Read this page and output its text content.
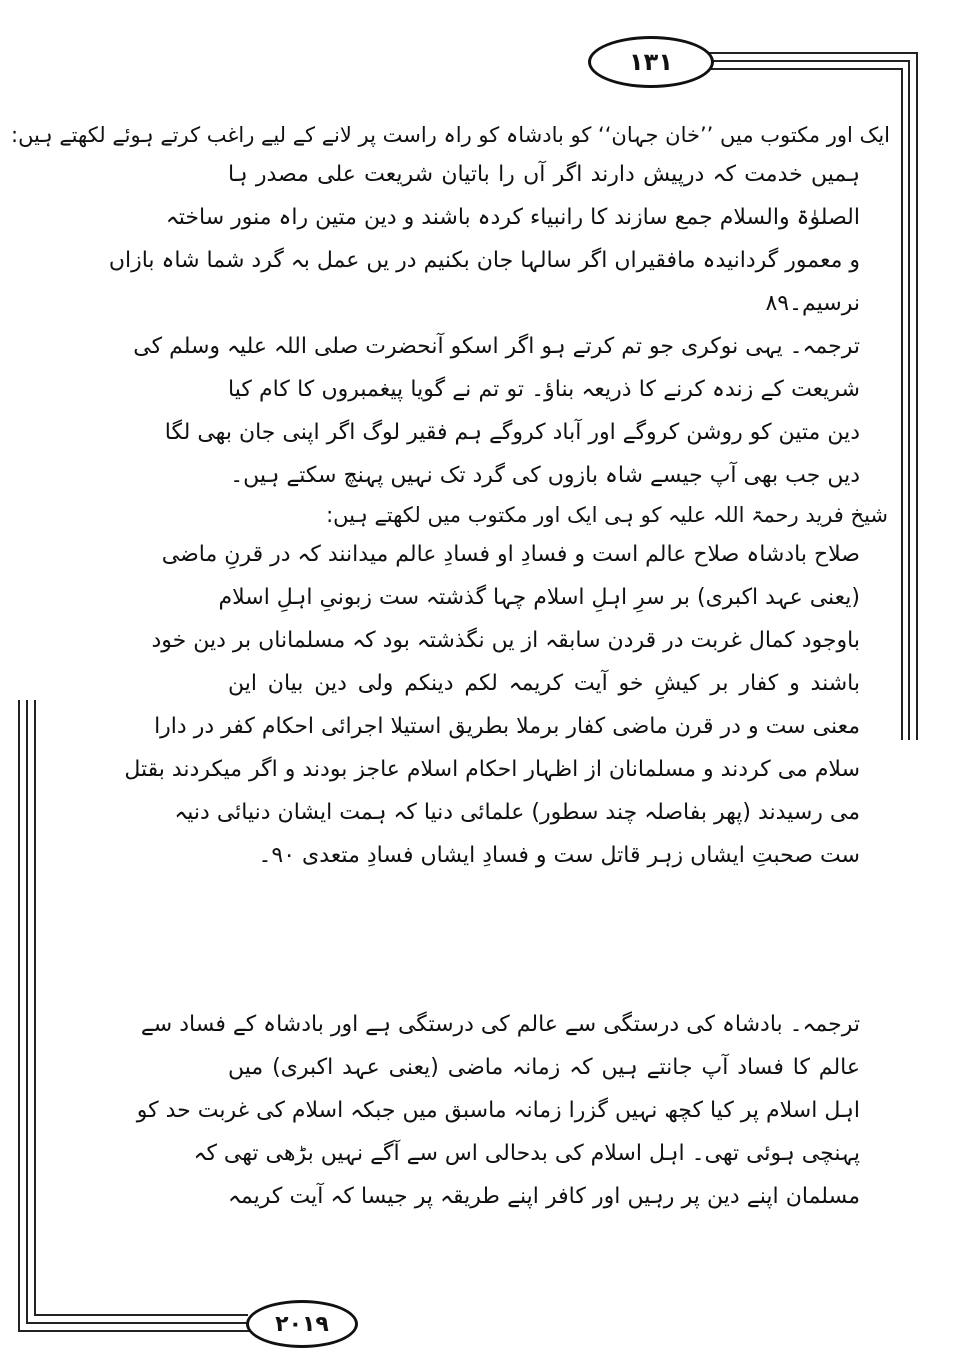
۱۳۱
۲۰۱۹
ایک اور مکتوب میں ’’خان جہان‘‘ کو بادشاہ کو راہ راست پر لانے کے لیے راغب کرتے ہوئے لکھتے ہیں:
ہمیں خدمت کہ درپیش دارند اگر آں را باتیان شریعت علی مصدر ہا
الصلوٰۃ والسلام جمع سازند کا رانبیاء کردہ باشند و دین متین راہ منور ساختہ
و معمور گردانیدہ مافقیراں اگر سالہا جان بکنیم در یں عمل بہ گرد شما شاہ بازاں
نرسیم۔۸۹
ترجمہ۔ یہی نوکری جو تم کرتے ہو اگر اسکو آنحضرت صلی اللہ علیہ وسلم کی
شریعت کے زندہ کرنے کا ذریعہ بناؤ۔ تو تم نے گویا پیغمبروں کا کام کیا
دین متین کو روشن کروگے اور آباد کروگے ہم فقیر لوگ اگر اپنی جان بھی لگا
دیں جب بھی آپ جیسے شاہ بازوں کی گرد تک نہیں پہنچ سکتے ہیں۔
شیخ فرید رحمۃ اللہ علیہ کو ہی ایک اور مکتوب میں لکھتے ہیں:
صلاح بادشاہ صلاح عالم است و فسادِ او فسادِ عالم میدانند کہ در قرنِ ماضی
(یعنی عہد اکبری) بر سرِ اہلِ اسلام چہا گذشتہ ست زبونیِ اہلِ اسلام
باوجود کمال غربت در قردن سابقہ از یں نگذشتہ بود کہ مسلماناں بر دین خود
باشند و کفار بر کیشِ خو آیت کریمہ لکم دینکم ولی دین بیان این
معنی ست و در قرن ماضی کفار برملا بطریق استیلا اجرائی احکام کفر در دارا
سلام می کردند و مسلمانان از اظہار احکام اسلام عاجز بودند و اگر میکردند بقتل
می رسیدند (پھر بفاصلہ چند سطور) علمائی دنیا کہ ہمت ایشان دنیائی دنیہ
ست صحبتِ ایشاں زہر قاتل ست و فسادِ ایشاں فسادِ متعدی ۹۰۔
ترجمہ۔ بادشاہ کی درستگی سے عالم کی درستگی ہے اور بادشاہ کے فساد سے
عالم کا فساد آپ جانتے ہیں کہ زمانہ ماضی (یعنی عہد اکبری) میں
اہل اسلام پر کیا کچھ نہیں گزرا زمانہ ماسبق میں جبکہ اسلام کی غربت حد کو
پہنچی ہوئی تھی۔ اہل اسلام کی بدحالی اس سے آگے نہیں بڑھی تھی کہ
مسلمان اپنے دین پر رہیں اور کافر اپنے طریقہ پر جیسا کہ آیت کریمہ
